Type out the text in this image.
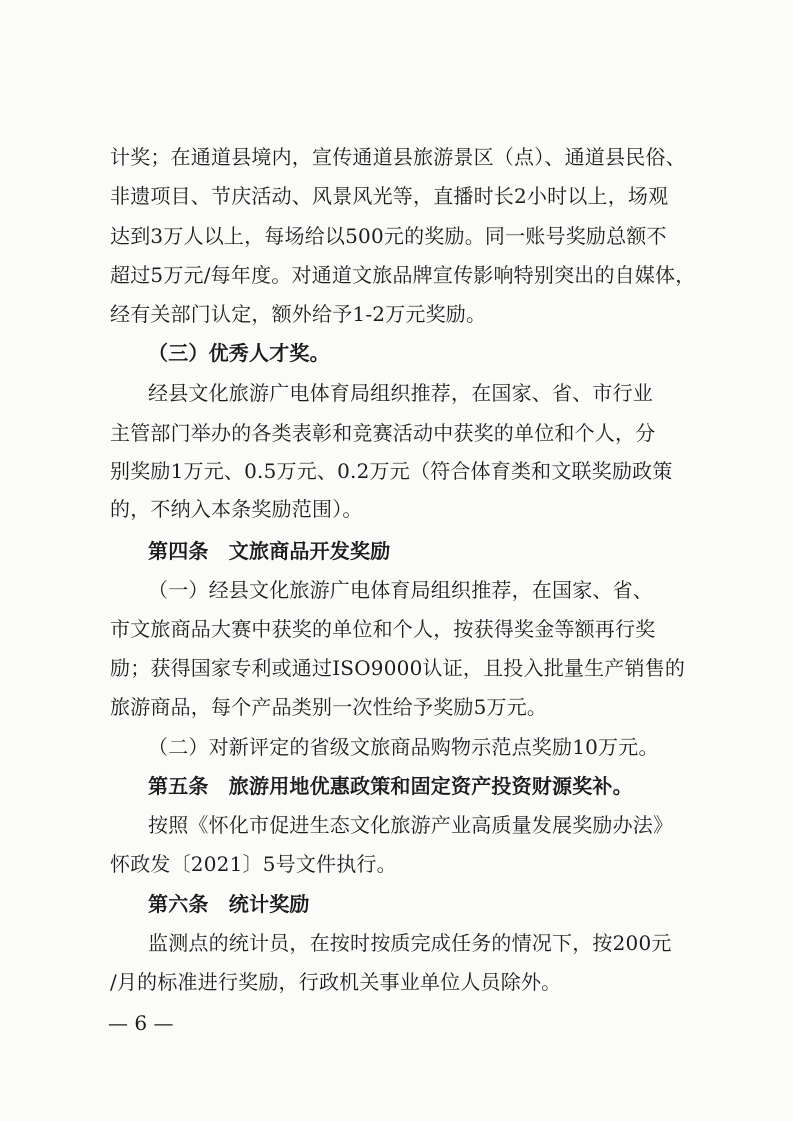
计奖；在通道县境内，宣传通道县旅游景区（点）、通道县民俗、
非遗项目、节庆活动、风景风光等，直播时长2小时以上，场观
达到3万人以上，每场给以500元的奖励。同一账号奖励总额不
超过5万元/每年度。对通道文旅品牌宣传影响特别突出的自媒体，
经有关部门认定，额外给予1-2万元奖励。
（三）优秀人才奖。
经县文化旅游广电体育局组织推荐，在国家、省、市行业
主管部门举办的各类表彰和竞赛活动中获奖的单位和个人，分
别奖励1万元、0.5万元、0.2万元（符合体育类和文联奖励政策
的，不纳入本条奖励范围）。
第四条　文旅商品开发奖励
（一）经县文化旅游广电体育局组织推荐，在国家、省、
市文旅商品大赛中获奖的单位和个人，按获得奖金等额再行奖
励；获得国家专利或通过ISO9000认证，且投入批量生产销售的
旅游商品，每个产品类别一次性给予奖励5万元。
（二）对新评定的省级文旅商品购物示范点奖励10万元。
第五条　旅游用地优惠政策和固定资产投资财源奖补。
按照《怀化市促进生态文化旅游产业高质量发展奖励办法》
怀政发〔2021〕5号文件执行。
第六条　统计奖励
监测点的统计员，在按时按质完成任务的情况下，按200元
/月的标准进行奖励，行政机关事业单位人员除外。
— 6 —
